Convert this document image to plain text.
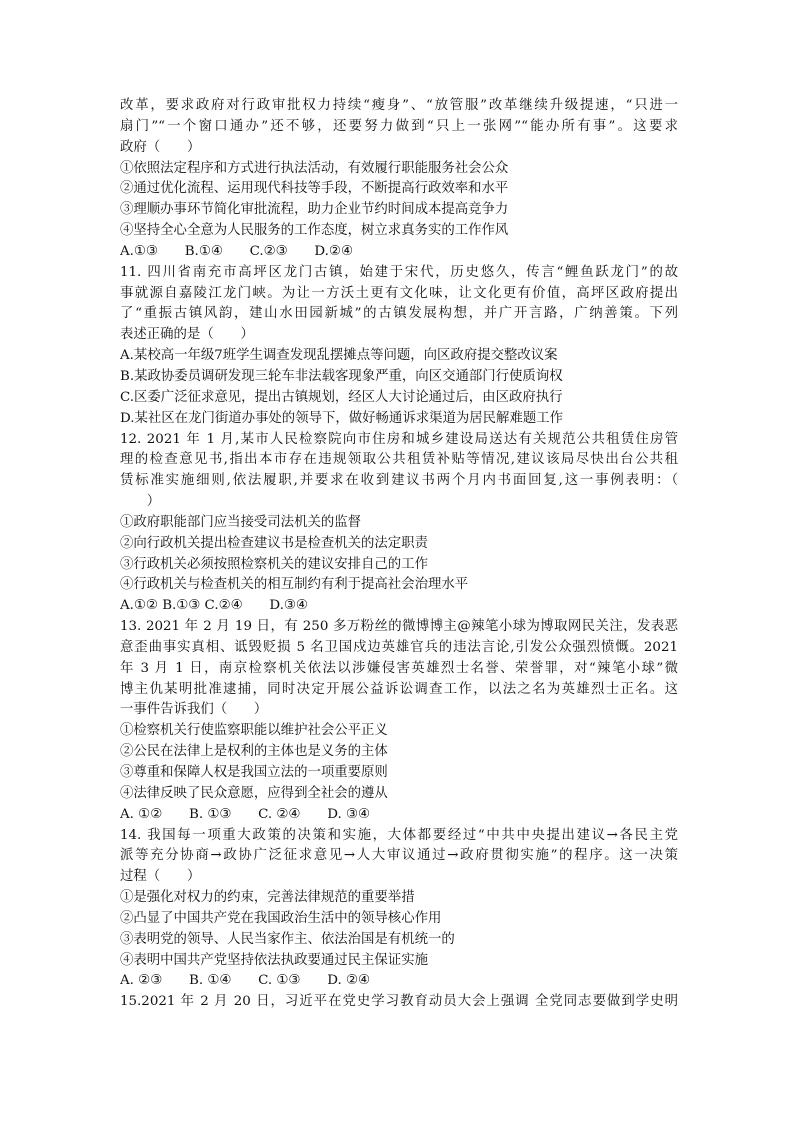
改革，要求政府对行政审批权力持续“瘦身”、“放管服”改革继续升级提速，“只进一
扇门”“一个窗口通办”还不够，还要努力做到“只上一张网”“能办所有事”。这要求
政府（　　）
①依照法定程序和方式进行执法活动，有效履行职能服务社会公众
②通过优化流程、运用现代科技等手段，不断提高行政效率和水平
③理顺办事环节简化审批流程，助力企业节约时间成本提高竞争力
④坚持全心全意为人民服务的工作态度，树立求真务实的工作作风
A.①③　　B.①④　　C.②③　　D.②④
11. 四川省南充市高坪区龙门古镇，始建于宋代，历史悠久，传言“鲤鱼跃龙门”的故
事就源自嘉陵江龙门峡。为让一方沃土更有文化味，让文化更有价值，高坪区政府提出
了“重振古镇风韵，建山水田园新城”的古镇发展构想，并广开言路，广纳善策。下列
表述正确的是（　　）
A.某校高一年级7班学生调查发现乱摆摊点等问题，向区政府提交整改议案
B.某政协委员调研发现三轮车非法载客现象严重，向区交通部门行使质询权
C.区委广泛征求意见，提出古镇规划，经区人大讨论通过后，由区政府执行
D.某社区在龙门街道办事处的领导下，做好畅通诉求渠道为居民解难题工作
12. 2021 年 1 月,某市人民检察院向市住房和城乡建设局送达有关规范公共租赁住房管
理的检查意见书,指出本市存在违规领取公共租赁补贴等情况,建议该局尽快出台公共租
赁标准实施细则,依法履职,并要求在收到建议书两个月内书面回复,这一事例表明：（
　　）
①政府职能部门应当接受司法机关的监督
②向行政机关提出检查建议书是检查机关的法定职责
③行政机关必须按照检察机关的建议安排自己的工作
④行政机关与检查机关的相互制约有利于提高社会治理水平
A.①② B.①③ C.②④　　D.③④
13. 2021 年 2 月 19 日，有 250 多万粉丝的微博博主@辣笔小球为博取网民关注，发表恶
意歪曲事实真相、诋毁贬损 5 名卫国戍边英雄官兵的违法言论,引发公众强烈愤慨。2021
年 3 月 1 日，南京检察机关依法以涉嫌侵害英雄烈士名誉、荣誉罪，对“辣笔小球”微
博主仇某明批准逮捕，同时决定开展公益诉讼调查工作，以法之名为英雄烈士正名。这
一事件告诉我们（　　）
①检察机关行使监察职能以维护社会公平正义
②公民在法律上是权利的主体也是义务的主体
③尊重和保障人权是我国立法的一项重要原则
④法律反映了民众意愿，应得到全社会的遵从
A. ①②　　B. ①③　　C. ②④　　D. ③④
14. 我国每一项重大政策的决策和实施，大体都要经过“中共中央提出建议→各民主党
派等充分协商→政协广泛征求意见→人大审议通过→政府贯彻实施”的程序。这一决策
过程（　　）
①是强化对权力的约束，完善法律规范的重要举措
②凸显了中国共产党在我国政治生活中的领导核心作用
③表明党的领导、人民当家作主、依法治国是有机统一的
④表明中国共产党坚持依法执政要通过民主保证实施
A. ②③　　B. ①④　　C. ①③　　D. ②④
15.2021 年 2 月 20 日，习近平在党史学习教育动员大会上强调 全党同志要做到学史明
